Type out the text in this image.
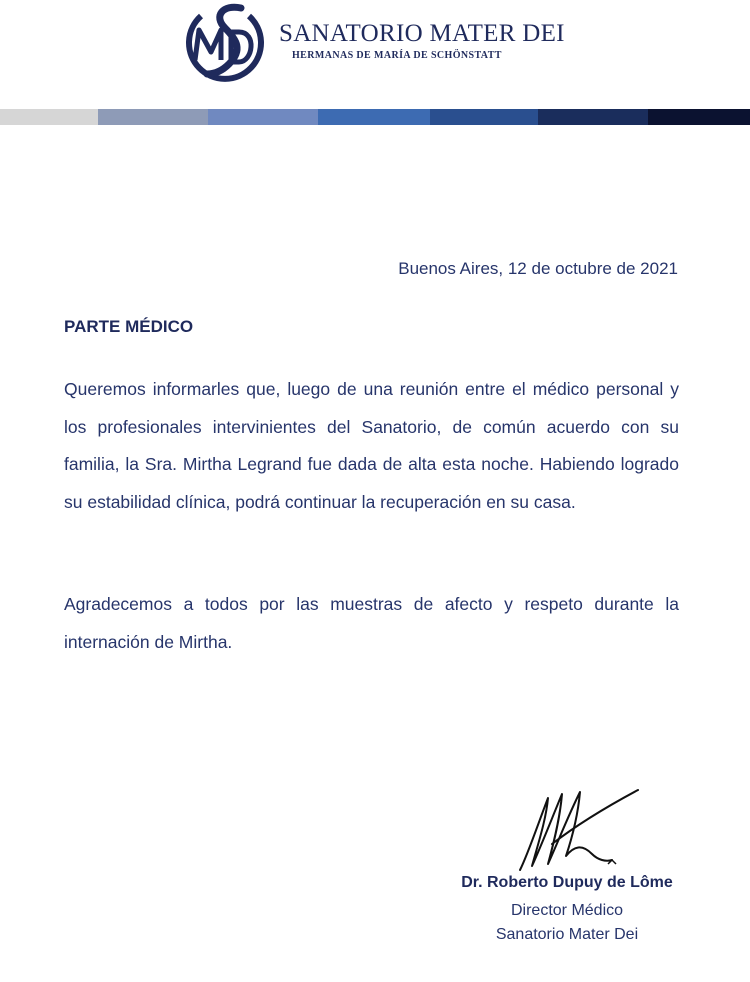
SANATORIO MATER DEI
HERMANAS DE MARÍA DE SCHÖNSTATT
Buenos Aires, 12 de octubre de 2021
PARTE MÉDICO

Queremos informarles que, luego de una reunión entre el médico personal y los profesionales intervinientes del Sanatorio, de común acuerdo con su familia, la Sra. Mirtha Legrand fue dada de alta esta noche. Habiendo logrado su estabilidad clínica, podrá continuar la recuperación en su casa.

Agradecemos a todos por las muestras de afecto y respeto durante la internación de Mirtha.

Dr. Roberto Dupuy de Lôme
Director Médico
Sanatorio Mater Dei
